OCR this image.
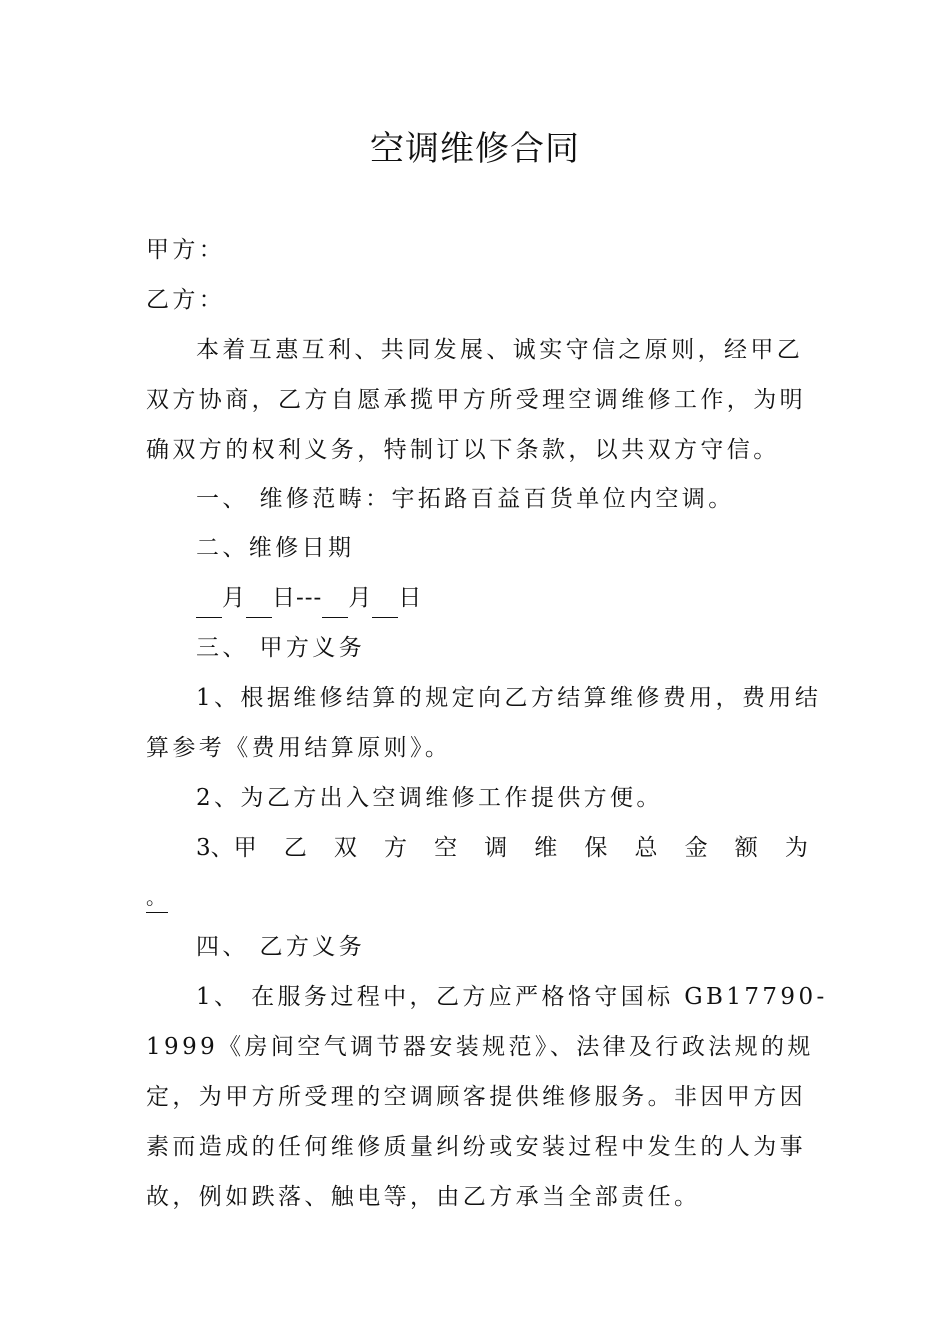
空调维修合同
甲方：
乙方：
本着互惠互利、共同发展、诚实守信之原则，经甲乙
双方协商，乙方自愿承揽甲方所受理空调维修工作，为明
确双方的权利义务，特制订以下条款，以共双方守信。
一、 维修范畴：宇拓路百益百货单位内空调。
二、维修日期
月 日--- 月 日
三、 甲方义务
1、根据维修结算的规定向乙方结算维修费用，费用结
算参考《费用结算原则》。
2、为乙方出入空调维修工作提供方便。
3、甲 乙 双 方 空 调 维 保 总 金 额 为
。
四、 乙方义务
1、 在服务过程中，乙方应严格恪守国标 GB17790-
1999《房间空气调节器安装规范》、法律及行政法规的规
定，为甲方所受理的空调顾客提供维修服务。非因甲方因
素而造成的任何维修质量纠纷或安装过程中发生的人为事
故，例如跌落、触电等，由乙方承当全部责任。
